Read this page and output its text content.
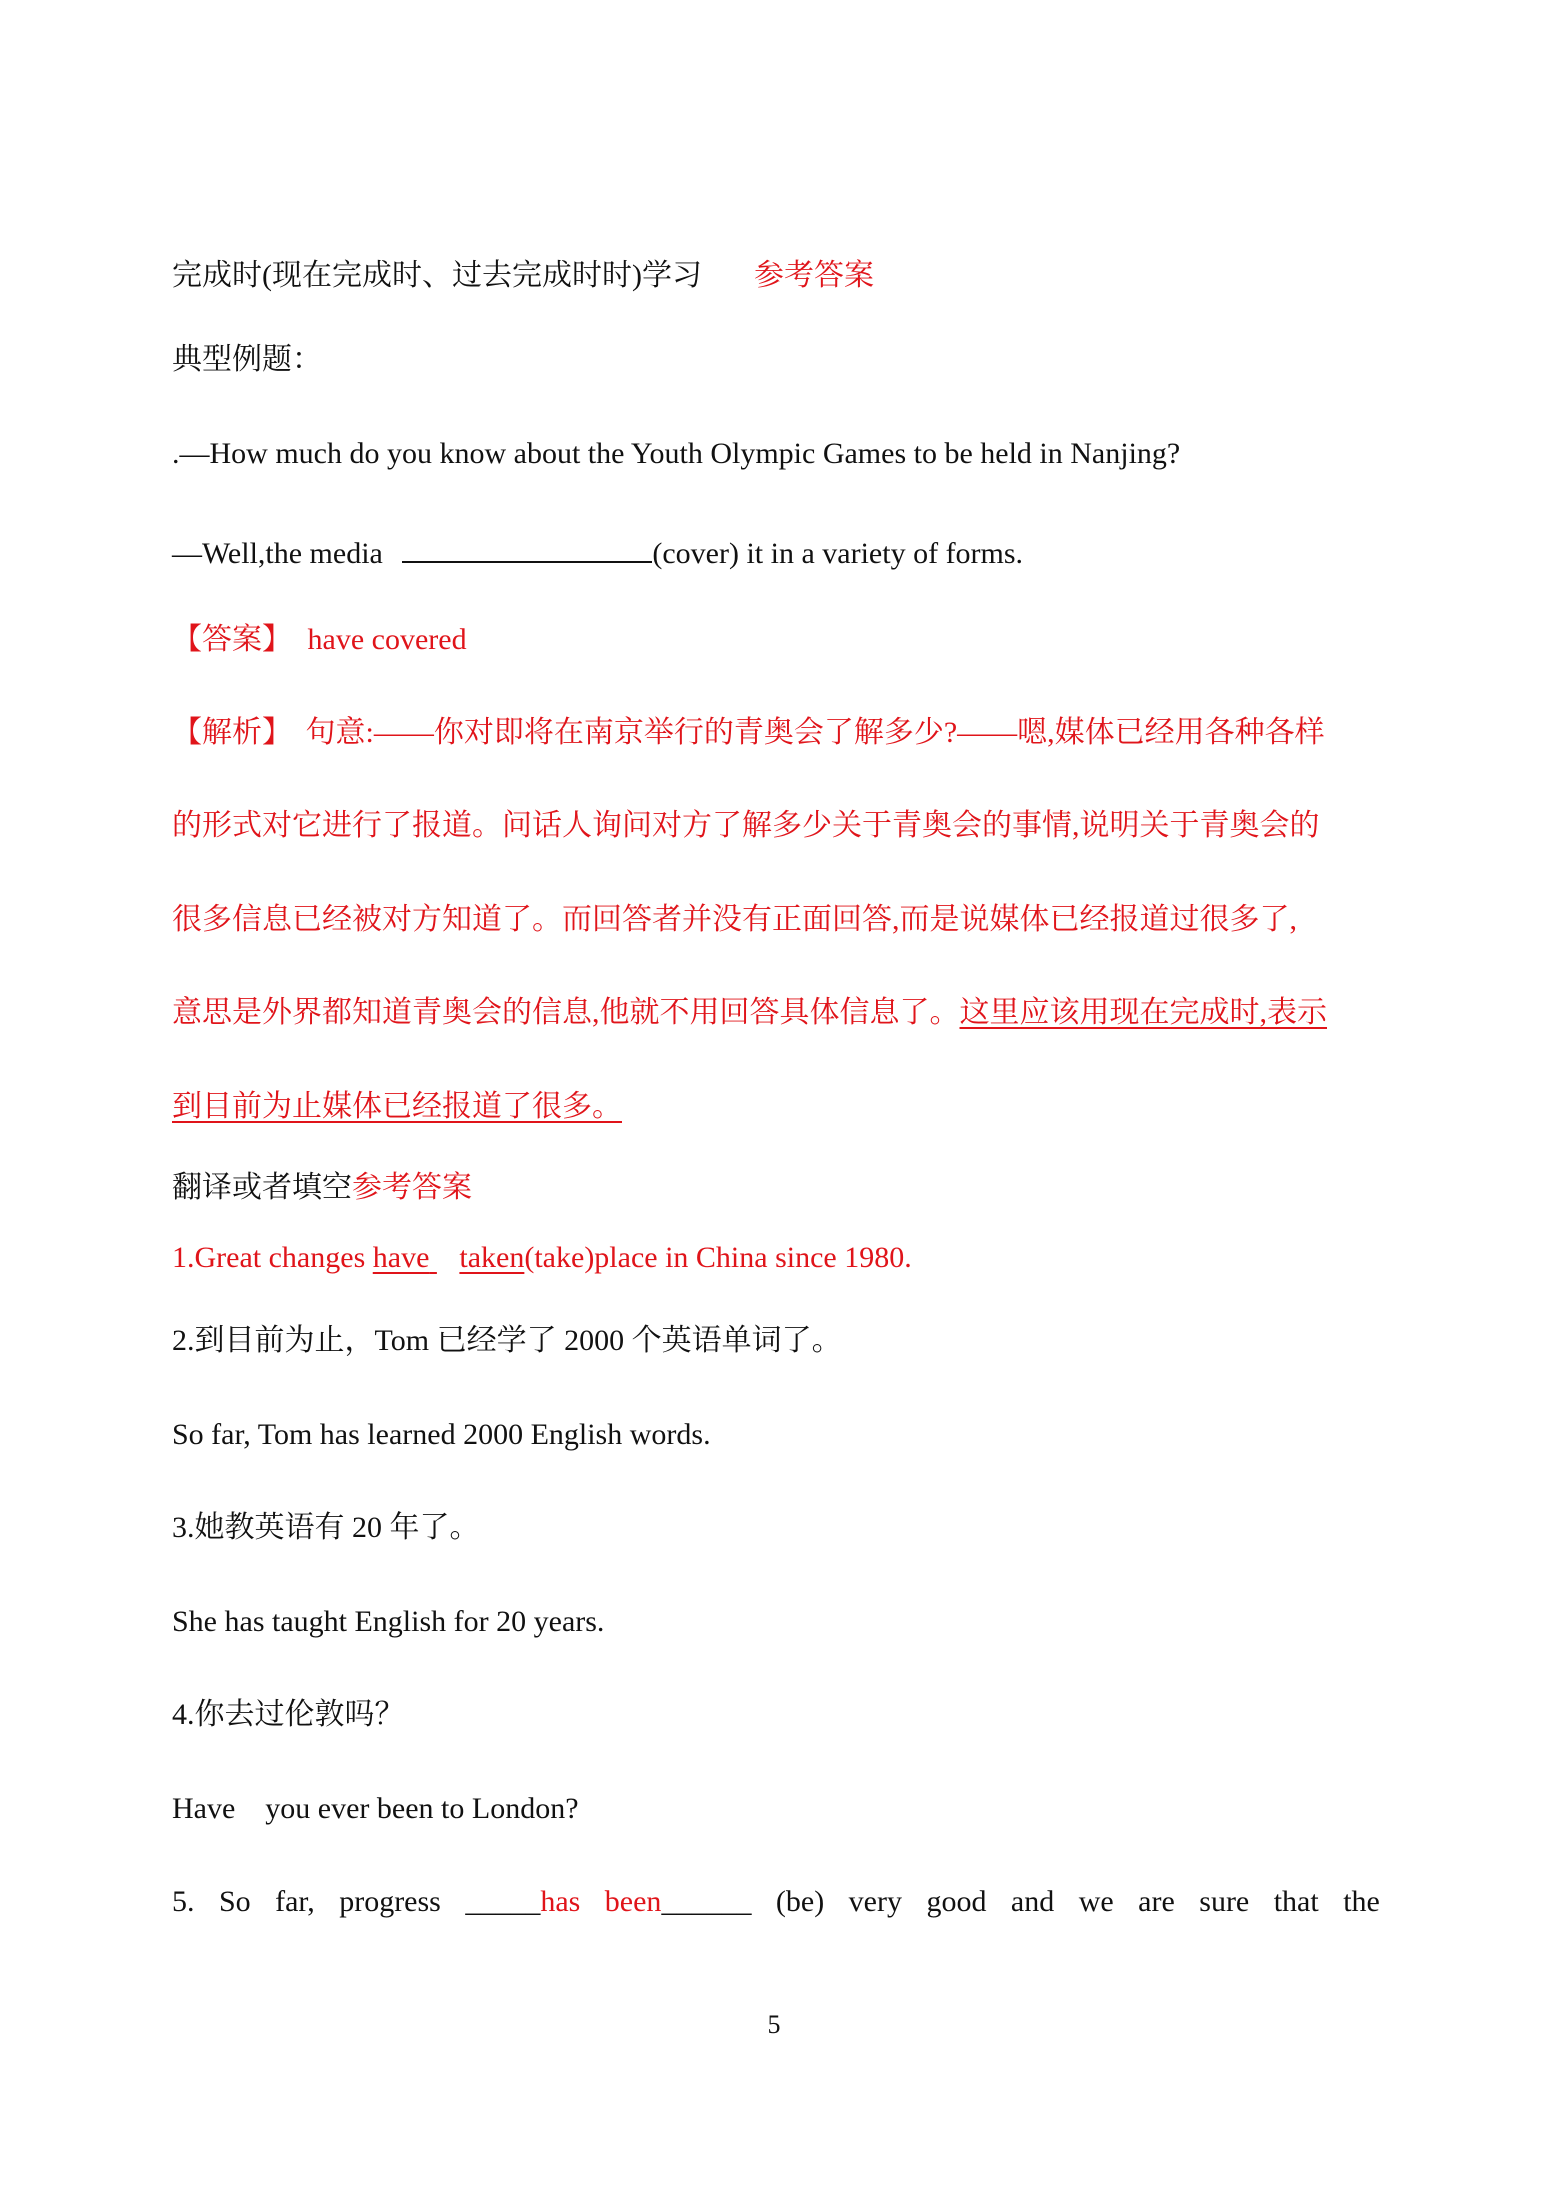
完成时(现在完成时、过去完成时时)学习 参考答案
典型例题：
.—How much do you know about the Youth Olympic Games to be held in Nanjing?
—Well,the media	(cover) it in a variety of forms.
【答案】 have covered
【解析】 句意:——你对即将在南京举行的青奥会了解多少?——嗯,媒体已经用各种各样
的形式对它进行了报道。问话人询问对方了解多少关于青奥会的事情,说明关于青奥会的
很多信息已经被对方知道了。而回答者并没有正面回答,而是说媒体已经报道过很多了,
意思是外界都知道青奥会的信息,他就不用回答具体信息了。这里应该用现在完成时,表示
到目前为止媒体已经报道了很多。
翻译或者填空参考答案
1.Great changes have taken(take)place in China since 1980.
2.到目前为止，Tom 已经学了 2000 个英语单词了。
So far, Tom has learned 2000 English words.
3.她教英语有 20 年了。
She has taught English for 20 years.
4.你去过伦敦吗？
Have you ever been to London?
5. So far, progress _____has been______ (be) very good and we are sure that the
5
